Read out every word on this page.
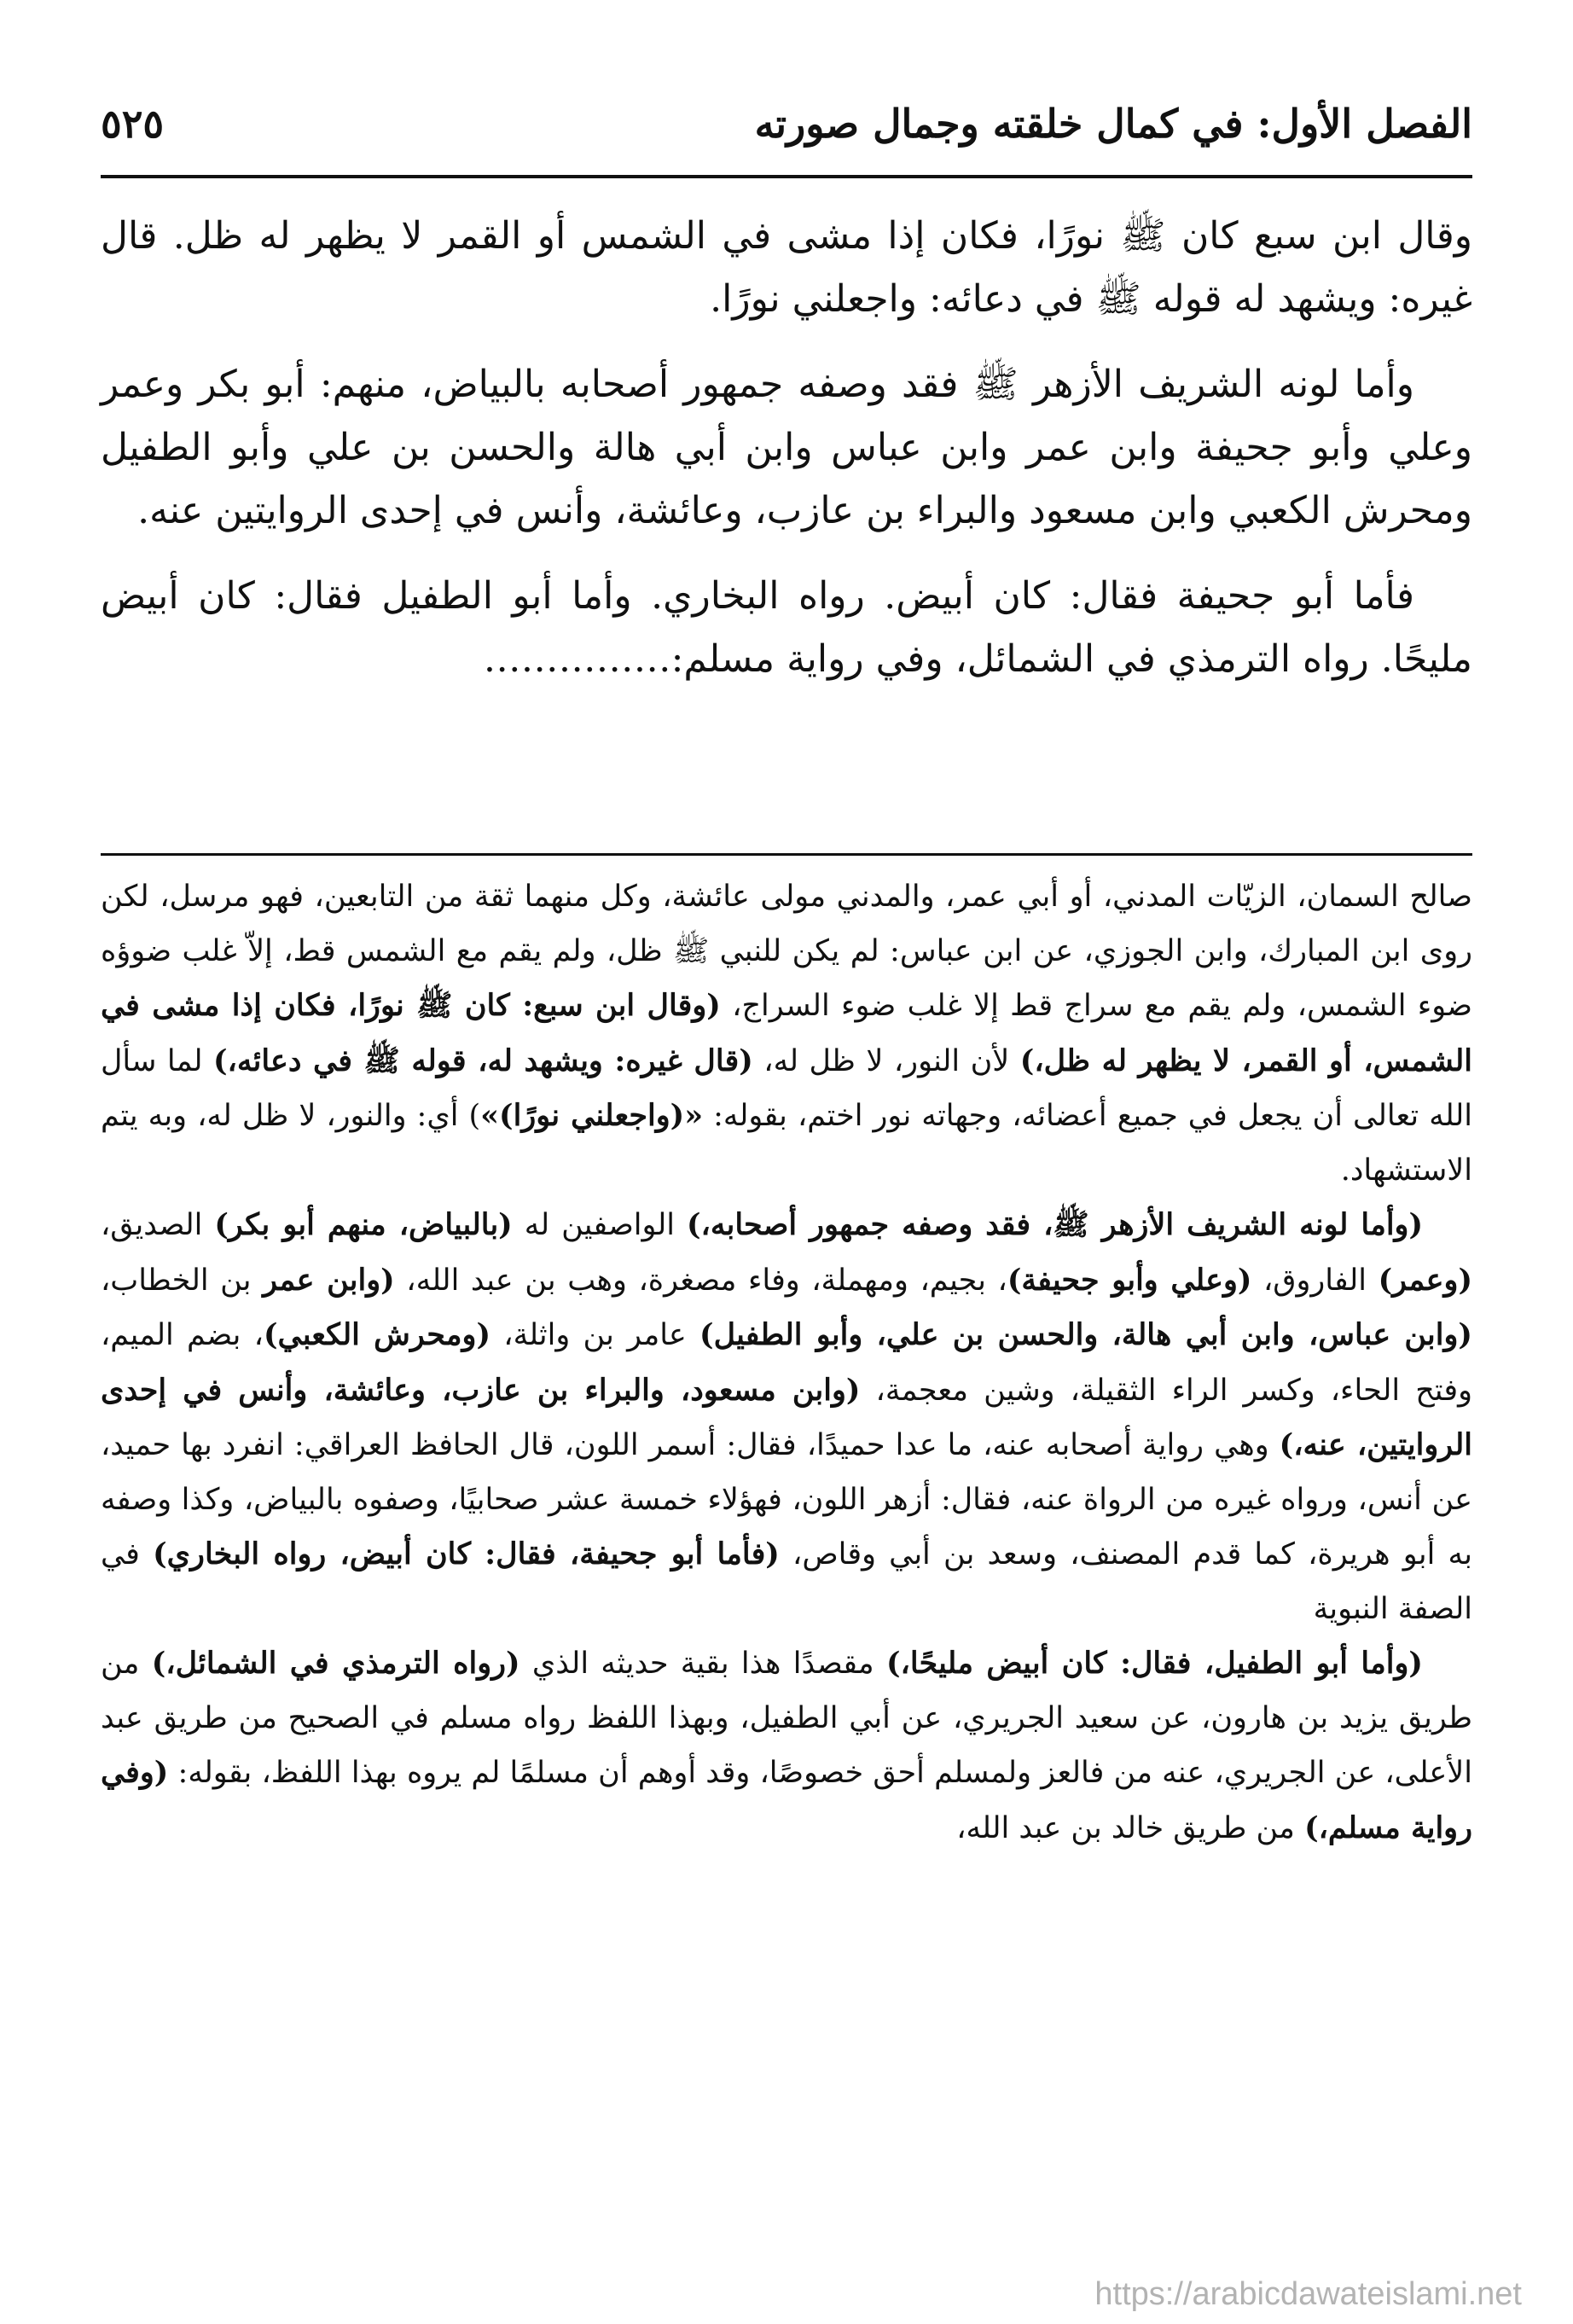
الفصل الأول: في كمال خلقته وجمال صورته
٥٢٥

وقال ابن سبع كان ﷺ نورًا، فكان إذا مشى في الشمس أو القمر لا يظهر له ظل. قال غيره: ويشهد له قوله ﷺ في دعائه: واجعلني نورًا.

وأما لونه الشريف الأزهر ﷺ فقد وصفه جمهور أصحابه بالبياض، منهم: أبو بكر وعمر وعلي وأبو جحيفة وابن عمر وابن عباس وابن أبي هالة والحسن بن علي وأبو الطفيل ومحرش الكعبي وابن مسعود والبراء بن عازب، وعائشة، وأنس في إحدى الروايتين عنه.

فأما أبو جحيفة فقال: كان أبيض. رواه البخاري. وأما أبو الطفيل فقال: كان أبيض مليحًا. رواه الترمذي في الشمائل، وفي رواية مسلم:……………

صالح السمان، الزيّات المدني، أو أبي عمر، والمدني مولى عائشة، وكل منهما ثقة من التابعين، فهو مرسل، لكن روى ابن المبارك، وابن الجوزي، عن ابن عباس: لم يكن للنبي ﷺ ظل، ولم يقم مع الشمس قط، إلاّ غلب ضوؤه ضوء الشمس، ولم يقم مع سراج قط إلا غلب ضوء السراج، (وقال ابن سبع: كان ﷺ نورًا، فكان إذا مشى في الشمس، أو القمر، لا يظهر له ظل،) لأن النور، لا ظل له، (قال غيره: ويشهد له، قوله ﷺ في دعائه،) لما سأل الله تعالى أن يجعل في جميع أعضائه، وجهاته نور اختم، بقوله: «(واجعلني نورًا)») أي: والنور، لا ظل له، وبه يتم الاستشهاد.

(وأما لونه الشريف الأزهر ﷺ، فقد وصفه جمهور أصحابه،) الواصفين له (بالبياض، منهم أبو بكر) الصديق، (وعمر) الفاروق، (وعلي وأبو جحيفة)، بجيم، ومهملة، وفاء مصغرة، وهب بن عبد الله، (وابن عمر بن الخطاب، (وابن عباس، وابن أبي هالة، والحسن بن علي، وأبو الطفيل) عامر بن واثلة، (ومحرش الكعبي)، بضم الميم، وفتح الحاء، وكسر الراء الثقيلة، وشين معجمة، (وابن مسعود، والبراء بن عازب، وعائشة، وأنس في إحدى الروايتين، عنه،) وهي رواية أصحابه عنه، ما عدا حميدًا، فقال: أسمر اللون، قال الحافظ العراقي: انفرد بها حميد، عن أنس، ورواه غيره من الرواة عنه، فقال: أزهر اللون، فهؤلاء خمسة عشر صحابيًا، وصفوه بالبياض، وكذا وصفه به أبو هريرة، كما قدم المصنف، وسعد بن أبي وقاص، (فأما أبو جحيفة، فقال: كان أبيض، رواه البخاري) في الصفة النبوية

(وأما أبو الطفيل، فقال: كان أبيض مليحًا،) مقصدًا هذا بقية حديثه الذي (رواه الترمذي في الشمائل،) من طريق يزيد بن هارون، عن سعيد الجريري، عن أبي الطفيل، وبهذا اللفظ رواه مسلم في الصحيح من طريق عبد الأعلى، عن الجريري، عنه من فالعز ولمسلم أحق خصوصًا، وقد أوهم أن مسلمًا لم يروه بهذا اللفظ، بقوله: (وفي رواية مسلم،) من طريق خالد بن عبد الله،

https://arabicdawateislami.net
